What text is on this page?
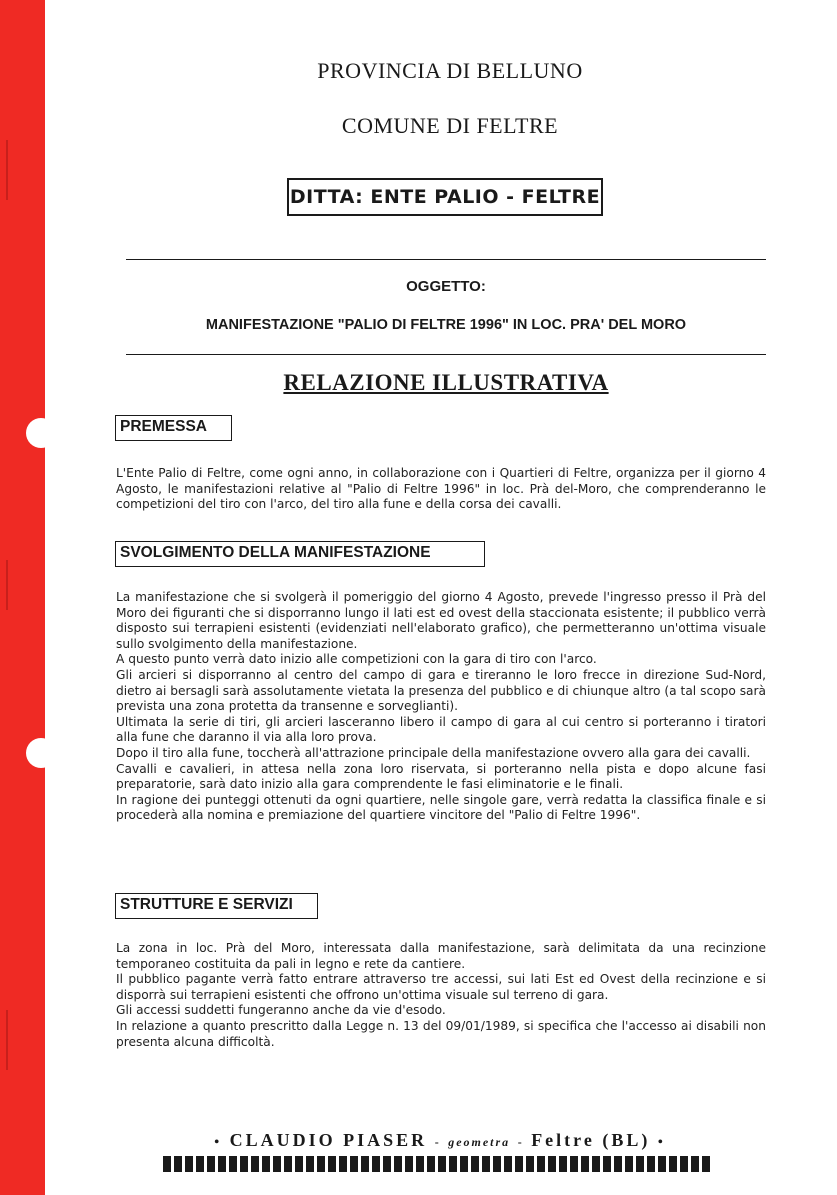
PROVINCIA DI BELLUNO
COMUNE DI FELTRE
DITTA: ENTE PALIO - FELTRE
OGGETTO:
MANIFESTAZIONE "PALIO DI FELTRE 1996" IN LOC. PRA' DEL MORO
RELAZIONE ILLUSTRATIVA
PREMESSA

L'Ente Palio di Feltre, come ogni anno, in collaborazione con i Quartieri di Feltre, organizza per il giorno 4 Agosto, le manifestazioni relative al "Palio di Feltre 1996" in loc. Prà del-Moro, che comprenderanno le competizioni del tiro con l'arco, del tiro alla fune e della corsa dei cavalli.

SVOLGIMENTO DELLA MANIFESTAZIONE

La manifestazione che si svolgerà il pomeriggio del giorno 4 Agosto, prevede l'ingresso presso il Prà del Moro dei figuranti che si disporranno lungo il lati est ed ovest della staccionata esistente; il pubblico verrà disposto sui terrapieni esistenti (evidenziati nell'elaborato grafico), che permetteranno un'ottima visuale sullo svolgimento della manifestazione.

A questo punto verrà dato inizio alle competizioni con la gara di tiro con l'arco.

Gli arcieri si disporranno al centro del campo di gara e tireranno le loro frecce in direzione Sud-Nord, dietro ai bersagli sarà assolutamente vietata la presenza del pubblico e di chiunque altro (a tal scopo sarà prevista una zona protetta da transenne e sorveglianti).

Ultimata la serie di tiri, gli arcieri lasceranno libero il campo di gara al cui centro si porteranno i tiratori alla fune che daranno il via alla loro prova.

Dopo il tiro alla fune, toccherà all'attrazione principale della manifestazione ovvero alla gara dei cavalli.

Cavalli e cavalieri, in attesa nella zona loro riservata, si porteranno nella pista e dopo alcune fasi preparatorie, sarà dato inizio alla gara comprendente le fasi eliminatorie e le finali.

In ragione dei punteggi ottenuti da ogni quartiere, nelle singole gare, verrà redatta la classifica finale e si procederà alla nomina e premiazione del quartiere vincitore del "Palio di Feltre 1996".

STRUTTURE E SERVIZI

La zona in loc. Prà del Moro, interessata dalla manifestazione, sarà delimitata da una recinzione temporaneo costituita da pali in legno e rete da cantiere.

Il pubblico pagante verrà fatto entrare attraverso tre accessi, sui lati Est ed Ovest della recinzione e si disporrà sui terrapieni esistenti che offrono un'ottima visuale sul terreno di gara.

Gli accessi suddetti fungeranno anche da vie d'esodo.

In relazione a quanto prescritto dalla Legge n. 13 del 09/01/1989, si specifica che l'accesso ai disabili non presenta alcuna difficoltà.

• CLAUDIO PIASER - geometra - Feltre (BL) •
